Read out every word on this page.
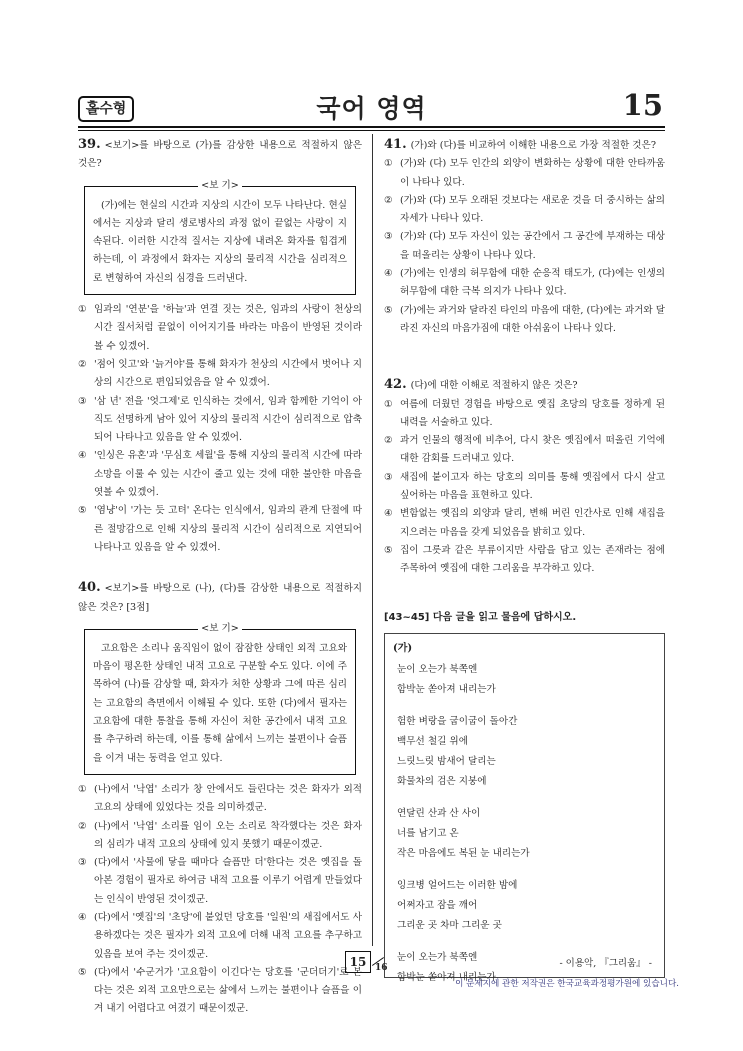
홀수형	국어 영역	15

39. <보기>를 바탕으로 (가)를 감상한 내용으로 적절하지 않은 것은?

<보 기>

(가)에는 현실의 시간과 지상의 시간이 모두 나타난다. 현실에서는 지상과 달리 생로병사의 과정 없이 끝없는 사랑이 지속된다. 이러한 시간적 질서는 지상에 내려온 화자를 힘겹게 하는데, 이 과정에서 화자는 지상의 물리적 시간을 심리적으로 변형하여 자신의 심경을 드러낸다.

① 임과의 '연분'을 '하늘'과 연결 짓는 것은, 임과의 사랑이 천상의 시간 질서처럼 끝없이 이어지기를 바라는 마음이 반영된 것이라 볼 수 있겠어.

② '점어 잇고'와 '늙거야'를 통해 화자가 천상의 시간에서 벗어나 지상의 시간으로 편입되었음을 알 수 있겠어.

③ '삼 년' 전을 '엇그제'로 인식하는 것에서, 임과 함께한 기억이 아직도 선명하게 남아 있어 지상의 물리적 시간이 심리적으로 압축되어 나타나고 있음을 알 수 있겠어.

④ '인싱은 유혼'과 '무심호 세월'을 통해 지상의 물리적 시간에 따라 소망을 이룰 수 있는 시간이 줄고 있는 것에 대한 불안한 마음을 엿볼 수 있겠어.

⑤ '염냥'이 '가는 듯 고텨' 온다는 인식에서, 임과의 관계 단절에 따른 절망감으로 인해 지상의 물리적 시간이 심리적으로 지연되어 나타나고 있음을 알 수 있겠어.

40. <보기>를 바탕으로 (나), (다)를 감상한 내용으로 적절하지 않은 것은? [3점]

<보 기>

고요함은 소리나 움직임이 없이 잠잠한 상태인 외적 고요와 마음이 평온한 상태인 내적 고요로 구분할 수도 있다. 이에 주목하여 (나)를 감상할 때, 화자가 처한 상황과 그에 따른 심리는 고요함의 측면에서 이해될 수 있다. 또한 (다)에서 필자는 고요함에 대한 통찰을 통해 자신이 처한 공간에서 내적 고요를 추구하려 하는데, 이를 통해 삶에서 느끼는 불편이나 슬픔을 이겨 내는 동력을 얻고 있다.

① (나)에서 '낙엽' 소리가 창 안에서도 들린다는 것은 화자가 외적 고요의 상태에 있었다는 것을 의미하겠군.

② (나)에서 '낙엽' 소리를 임이 오는 소리로 착각했다는 것은 화자의 심리가 내적 고요의 상태에 있지 못했기 때문이겠군.

③ (다)에서 '사물에 닿을 때마다 슬픔만 더'한다는 것은 옛집을 돌아본 경험이 필자로 하여금 내적 고요를 이루기 어렵게 만들었다는 인식이 반영된 것이겠군.

④ (다)에서 '옛집'의 '초당'에 붙었던 당호를 '일원'의 새집에서도 사용하겠다는 것은 필자가 외적 고요에 더해 내적 고요를 추구하고 있음을 보여 주는 것이겠군.

⑤ (다)에서 '수군거가 '고요함이 이긴다'는 당호를 '군더더기'로 본다는 것은 외적 고요만으로는 삶에서 느끼는 불편이나 슬픔을 이겨 내기 어렵다고 여겼기 때문이겠군.

41. (가)와 (다)를 비교하여 이해한 내용으로 가장 적절한 것은?

① (가)와 (다) 모두 인간의 외양이 변화하는 상황에 대한 안타까움이 나타나 있다.

② (가)와 (다) 모두 오래된 것보다는 새로운 것을 더 중시하는 삶의 자세가 나타나 있다.

③ (가)와 (다) 모두 자신이 있는 공간에서 그 공간에 부재하는 대상을 떠올리는 상황이 나타나 있다.

④ (가)에는 인생의 허무함에 대한 순응적 태도가, (다)에는 인생의 허무함에 대한 극복 의지가 나타나 있다.

⑤ (가)에는 과거와 달라진 타인의 마음에 대한, (다)에는 과거와 달라진 자신의 마음가짐에 대한 아쉬움이 나타나 있다.

42. (다)에 대한 이해로 적절하지 않은 것은?

① 여름에 더웠던 경험을 바탕으로 옛집 초당의 당호를 정하게 된 내력을 서술하고 있다.

② 과거 인물의 행적에 비추어, 다시 찾은 옛집에서 떠올린 기억에 대한 감회를 드러내고 있다.

③ 새집에 붙이고자 하는 당호의 의미를 통해 옛집에서 다시 살고 싶어하는 마음을 표현하고 있다.

④ 변함없는 옛집의 외양과 달리, 변해 버린 인간사로 인해 새집을 지으려는 마음을 갖게 되었음을 밝히고 있다.

⑤ 집이 그릇과 같은 부류이지만 사람을 담고 있는 존재라는 점에 주목하여 옛집에 대한 그리움을 부각하고 있다.

[43~45] 다음 글을 읽고 물음에 답하시오.

(가)
눈이 오는가 북쪽엔
함박눈 쏟아져 내리는가
험한 벼랑을 굽이굽이 돌아간
백무선 철길 위에
느릿느릿 밤새어 달리는
화물차의 검은 지붕에
연달린 산과 산 사이
너를 남기고 온
작은 마음에도 복된 눈 내리는가
잉크병 얼어드는 이러한 밤에
어쩌자고 잠을 깨어
그리운 곳 차마 그리운 곳
눈이 오는가 북쪽엔
함박눈 쏟아져 내리는가
- 이용악, 『그리움』 -
15 16
이 문제지에 관한 저작권은 한국교육과정평가원에 있습니다.
